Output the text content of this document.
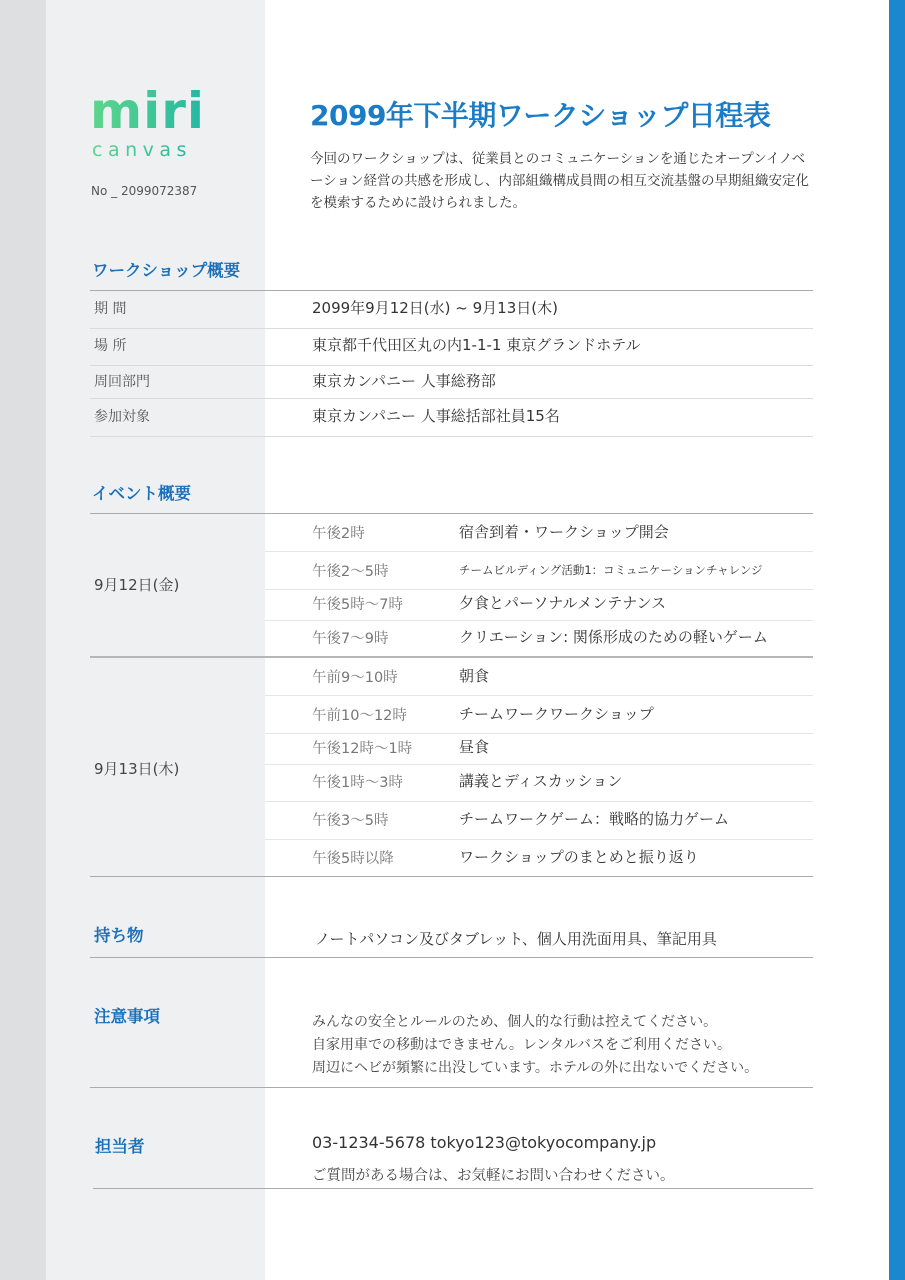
miri
canvas
No _ 2099072387
2099年下半期ワークショップ日程表

今回のワークショップは、従業員とのコミュニケーションを通じたオープンイノベーション経営の共感を形成し、内部組織構成員間の相互交流基盤の早期組織安定化を模索するために設けられました。

ワークショップ概要
期 間	2099年9月12日(水) ~ 9月13日(木)
場 所	東京都千代田区丸の内1-1-1 東京グランドホテル
周回部門	東京カンパニー 人事総務部
参加対象	東京カンパニー 人事総括部社員15名
イベント概要
9月12日(金)
午後2時	宿舎到着・ワークショップ開会
午後2～5時	チームビルディング活動1：コミュニケーションチャレンジ
午後5時～7時	夕食とパーソナルメンテナンス
午後7～9時	クリエーション: 関係形成のための軽いゲーム
9月13日(木)
午前9～10時	朝食
午前10～12時	チームワークワークショップ
午後12時～1時	昼食
午後1時～3時	講義とディスカッション
午後3～5時	チームワークゲーム：戦略的協力ゲーム
午後5時以降	ワークショップのまとめと振り返り
持ち物	ノートパソコン及びタブレット、個人用洗面用具、筆記用具
注意事項	みんなの安全とルールのため、個人的な行動は控えてください。
自家用車での移動はできません。レンタルバスをご利用ください。
周辺にヘビが頻繁に出没しています。ホテルの外に出ないでください。
担当者	03-1234-5678 tokyo123@tokyocompany.jp
ご質問がある場合は、お気軽にお問い合わせください。
